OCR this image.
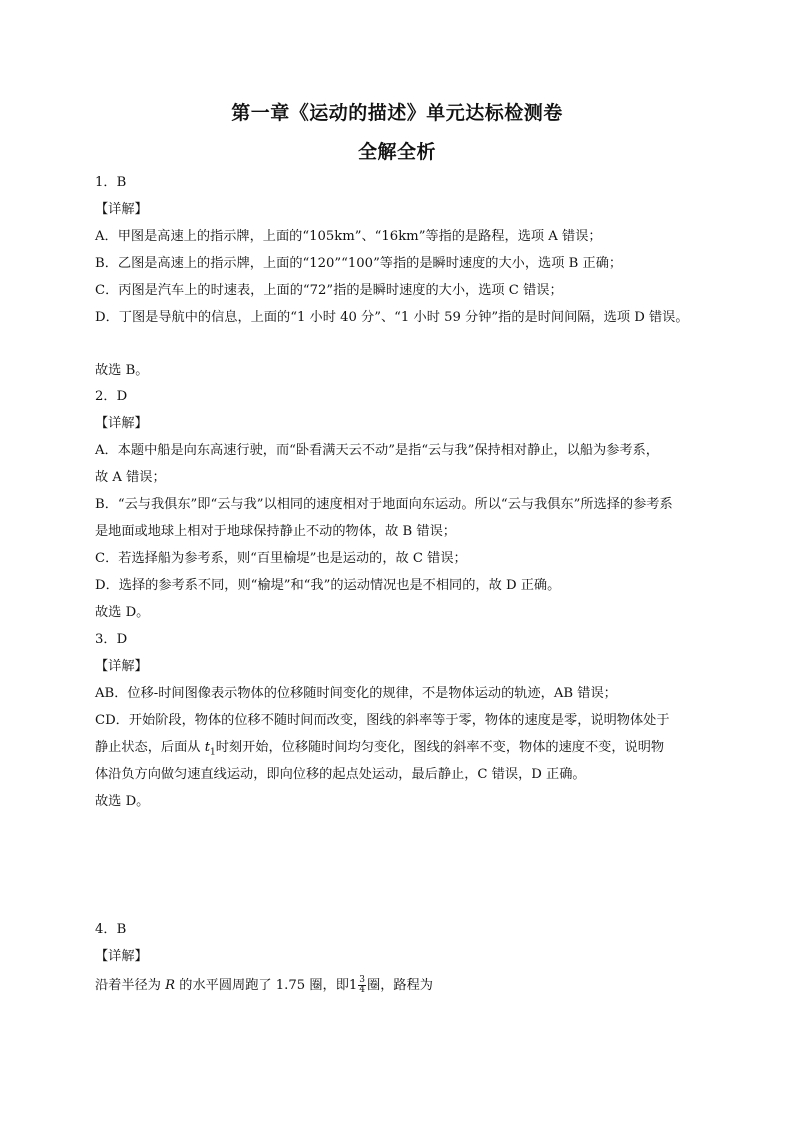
第一章《运动的描述》单元达标检测卷
全解全析
1．B
【详解】
A．甲图是高速上的指示牌，上面的“105km”、“16km”等指的是路程，选项 A 错误；
B．乙图是高速上的指示牌，上面的“120”“100”等指的是瞬时速度的大小，选项 B 正确；
C．丙图是汽车上的时速表，上面的“72”指的是瞬时速度的大小，选项 C 错误；
D．丁图是导航中的信息，上面的“1 小时 40 分”、“1 小时 59 分钟”指的是时间间隔，选项 D 错误。
故选 B。
2．D
【详解】
A．本题中船是向东高速行驶，而“卧看满天云不动”是指“云与我”保持相对静止，以船为参考系，
故 A 错误；
B．“云与我俱东”即“云与我”以相同的速度相对于地面向东运动。所以“云与我俱东”所选择的参考系
是地面或地球上相对于地球保持静止不动的物体，故 B 错误；
C．若选择船为参考系，则“百里榆堤”也是运动的，故 C 错误；
D．选择的参考系不同，则“榆堤”和“我”的运动情况也是不相同的，故 D 正确。
故选 D。
3．D
【详解】
AB．位移-时间图像表示物体的位移随时间变化的规律，不是物体运动的轨迹，AB 错误；
CD．开始阶段，物体的位移不随时间而改变，图线的斜率等于零，物体的速度是零，说明物体处于
静止状态，后面从 $t_1$时刻开始，位移随时间均匀变化，图线的斜率不变，物体的速度不变，说明物
体沿负方向做匀速直线运动，即向位移的起点处运动，最后静止，C 错误，D 正确。
故选 D。
4．B
【详解】
沿着半径为 R 的水平圆周跑了 1.75 圈，即$1 \frac{3}{4}$ 圈，路程为
